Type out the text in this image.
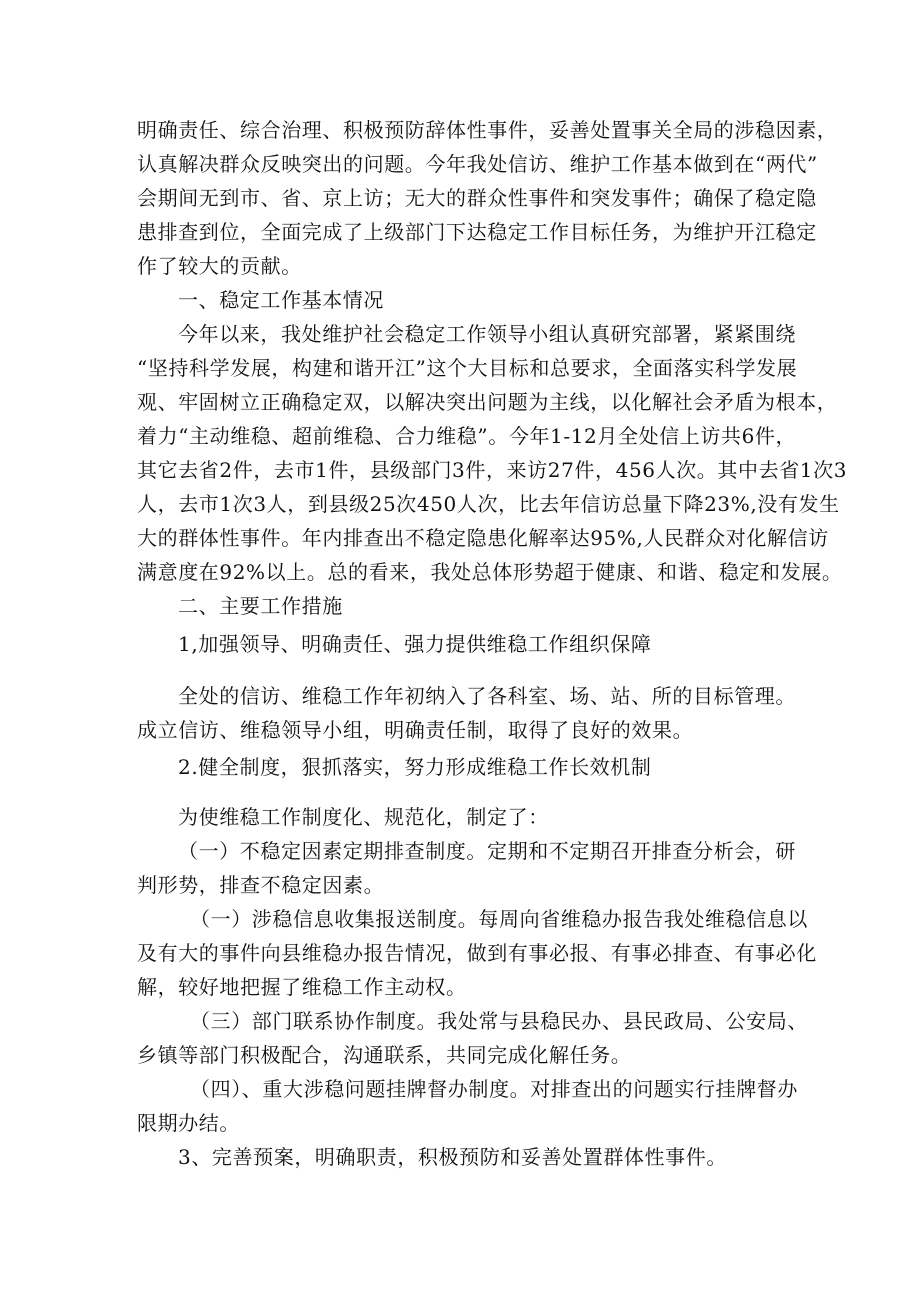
明确责任、综合治理、积极预防辞体性事件，妥善处置事关全局的涉稳因素，
认真解决群众反映突出的问题。今年我处信访、维护工作基本做到在“两代”
会期间无到市、省、京上访；无大的群众性事件和突发事件；确保了稳定隐
患排查到位，全面完成了上级部门下达稳定工作目标任务，为维护开江稳定
作了较大的贡献。
一、稳定工作基本情况
今年以来，我处维护社会稳定工作领导小组认真研究部署，紧紧围绕
“坚持科学发展，构建和谐开江”这个大目标和总要求，全面落实科学发展
观、牢固树立正确稳定双，以解决突出问题为主线，以化解社会矛盾为根本，
着力“主动维稳、超前维稳、合力维稳”。今年1-12月全处信上访共6件，
其它去省2件，去市1件，县级部门3件，来访27件，456人次。其中去省1次3
人，去市1次3人，到县级25次450人次，比去年信访总量下降23%,没有发生
大的群体性事件。年内排查出不稳定隐患化解率达95%,人民群众对化解信访
满意度在92%以上。总的看来，我处总体形势超于健康、和谐、稳定和发展。
二、主要工作措施
1,加强领导、明确责任、强力提供维稳工作组织保障
全处的信访、维稳工作年初纳入了各科室、场、站、所的目标管理。
成立信访、维稳领导小组，明确责任制，取得了良好的效果。
2.健全制度，狠抓落实，努力形成维稳工作长效机制
为使维稳工作制度化、规范化，制定了：
（一）不稳定因素定期排查制度。定期和不定期召开排查分析会，研
判形势，排查不稳定因素。
（一）涉稳信息收集报送制度。每周向省维稳办报告我处维稳信息以
及有大的事件向县维稳办报告情况，做到有事必报、有事必排查、有事必化
解，较好地把握了维稳工作主动权。
（三）部门联系协作制度。我处常与县稳民办、县民政局、公安局、
乡镇等部门积极配合，沟通联系，共同完成化解任务。
（四）、重大涉稳问题挂牌督办制度。对排查出的问题实行挂牌督办
限期办结。
3、完善预案，明确职责，积极预防和妥善处置群体性事件。
